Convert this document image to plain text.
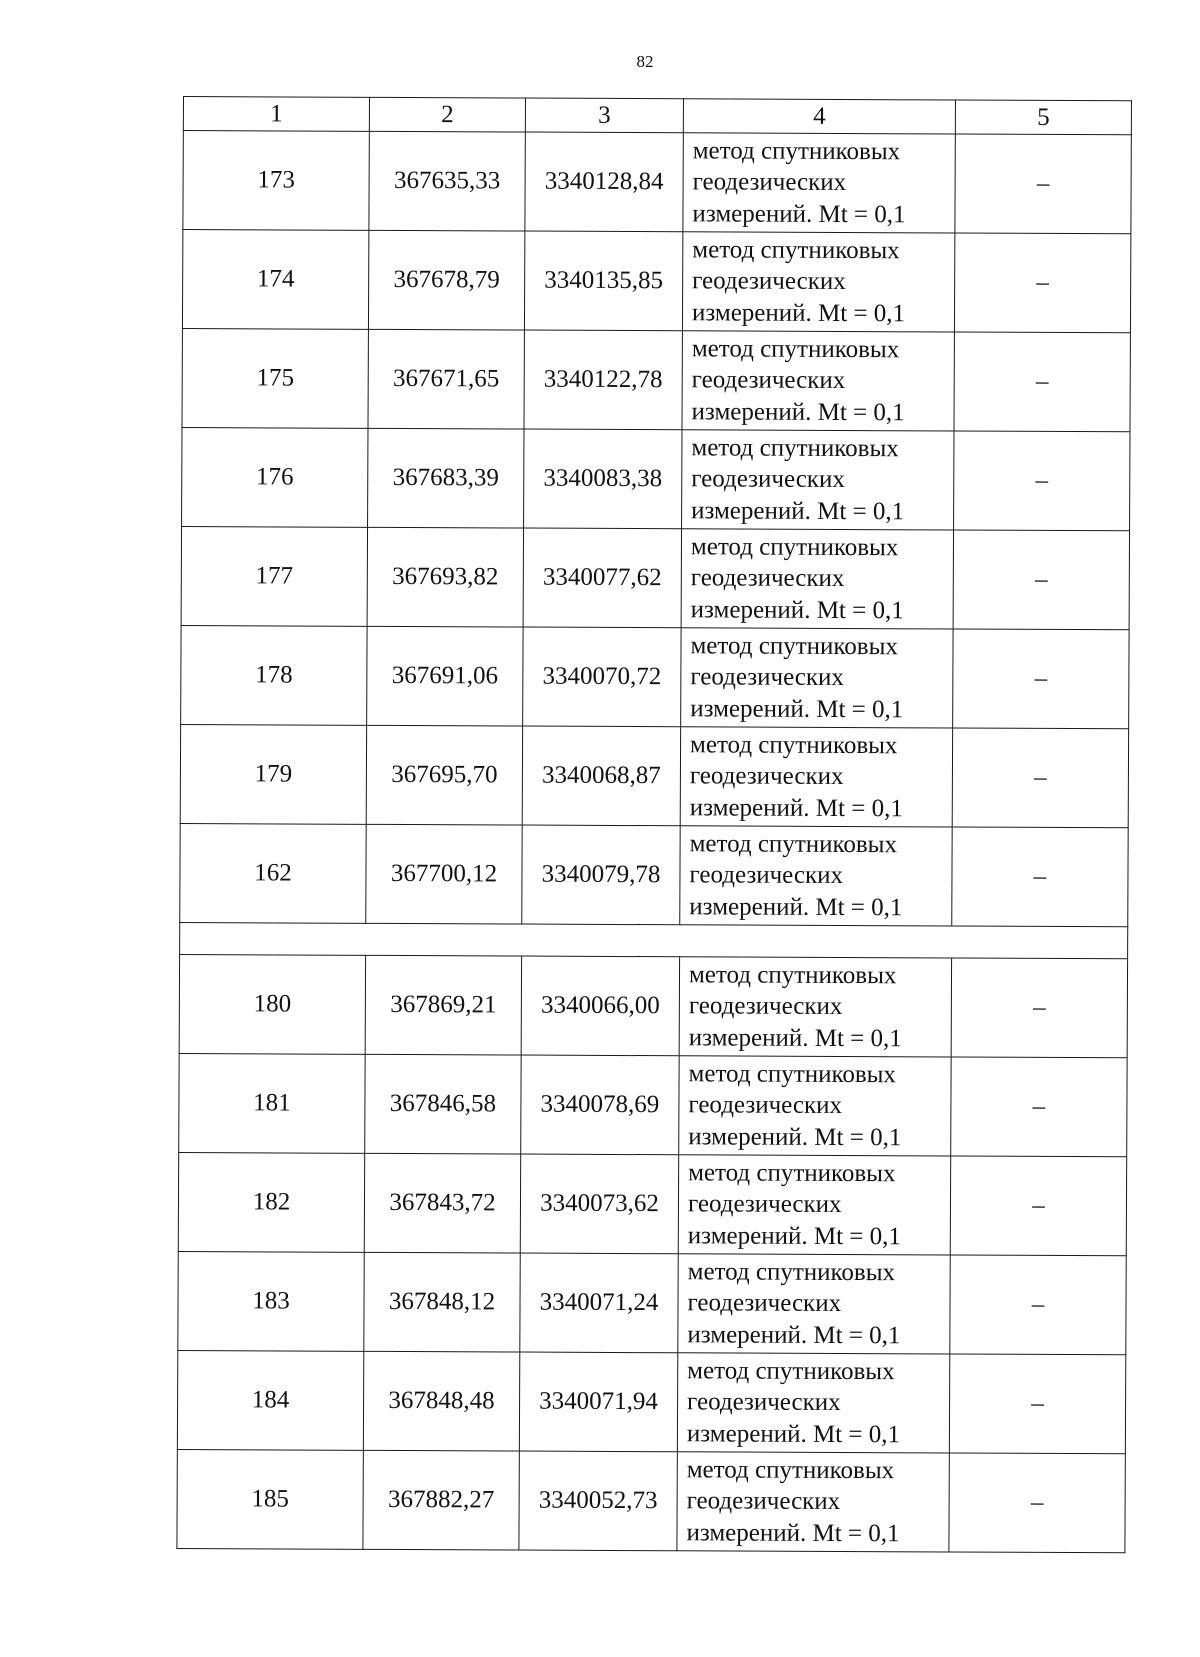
82
1	2	3	4	5
173	367635,33	3340128,84	метод спутниковых
геодезических
измерений. Mt = 0,1	–
174	367678,79	3340135,85	метод спутниковых
геодезических
измерений. Mt = 0,1	–
175	367671,65	3340122,78	метод спутниковых
геодезических
измерений. Mt = 0,1	–
176	367683,39	3340083,38	метод спутниковых
геодезических
измерений. Mt = 0,1	–
177	367693,82	3340077,62	метод спутниковых
геодезических
измерений. Mt = 0,1	–
178	367691,06	3340070,72	метод спутниковых
геодезических
измерений. Mt = 0,1	–
179	367695,70	3340068,87	метод спутниковых
геодезических
измерений. Mt = 0,1	–
162	367700,12	3340079,78	метод спутниковых
геодезических
измерений. Mt = 0,1	–

180	367869,21	3340066,00	метод спутниковых
геодезических
измерений. Mt = 0,1	–
181	367846,58	3340078,69	метод спутниковых
геодезических
измерений. Mt = 0,1	–
182	367843,72	3340073,62	метод спутниковых
геодезических
измерений. Mt = 0,1	–
183	367848,12	3340071,24	метод спутниковых
геодезических
измерений. Mt = 0,1	–
184	367848,48	3340071,94	метод спутниковых
геодезических
измерений. Mt = 0,1	–
185	367882,27	3340052,73	метод спутниковых
геодезических
измерений. Mt = 0,1	–
